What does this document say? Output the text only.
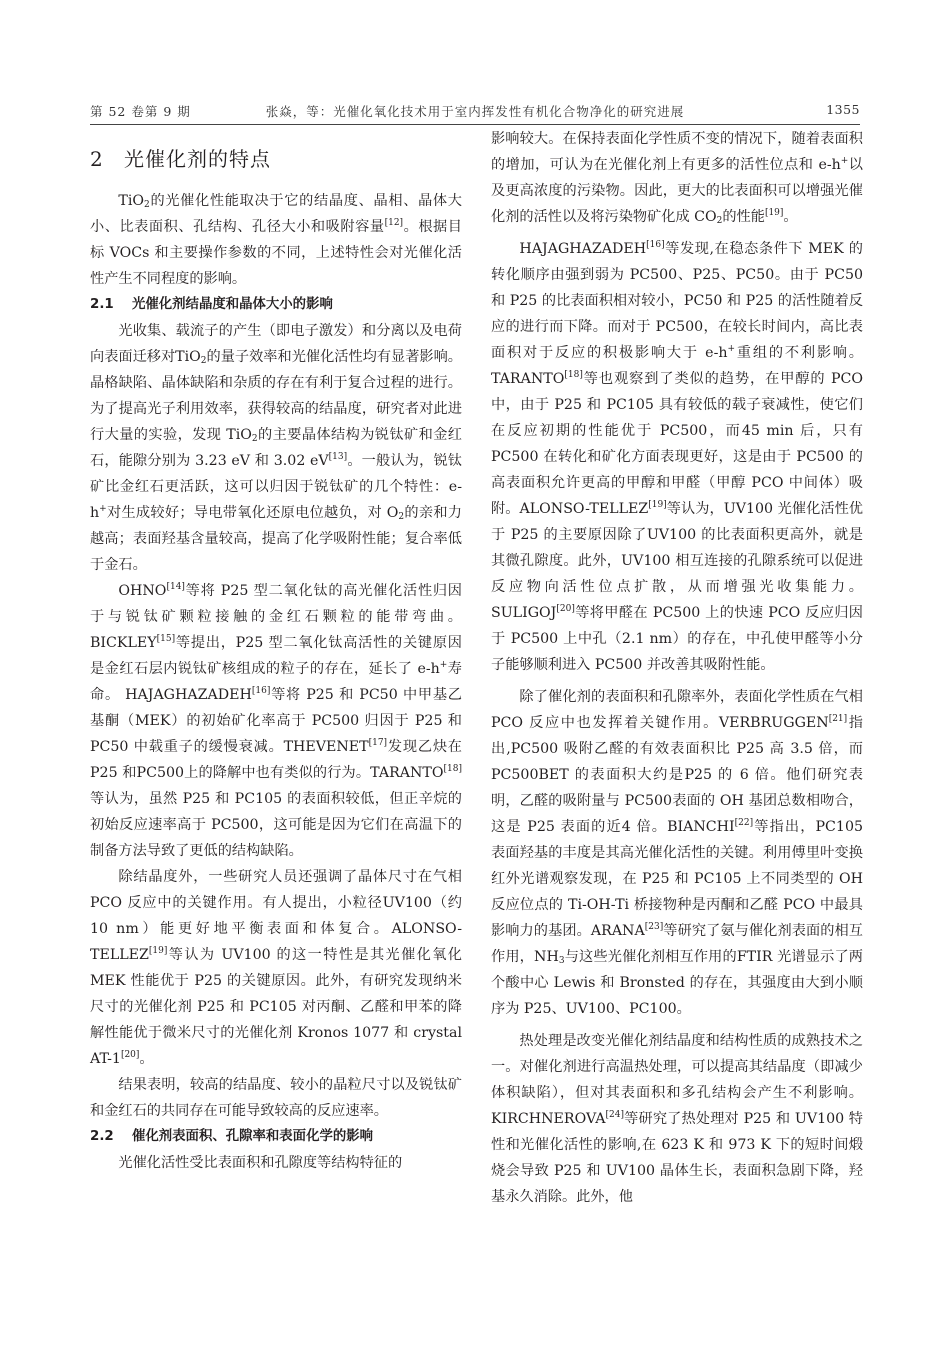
第 52 卷第 9 期	张焱，等：光催化氧化技术用于室内挥发性有机化合物净化的研究进展	1355
2 光催化剂的特点

TiO$_2$的光催化性能取决于它的结晶度、晶相、晶体大小、比表面积、孔结构、孔径大小和吸附容量[12]。根据目标 VOCs 和主要操作参数的不同，上述特性会对光催化活性产生不同程度的影响。

2.1 光催化剂结晶度和晶体大小的影响

光收集、载流子的产生（即电子激发）和分离以及电荷向表面迁移对TiO$_2$的量子效率和光催化活性均有显著影响。晶格缺陷、晶体缺陷和杂质的存在有利于复合过程的进行。为了提高光子利用效率，获得较高的结晶度，研究者对此进行大量的实验，发现 TiO$_2$的主要晶体结构为锐钛矿和金红石，能隙分别为 3.23 eV 和 3.02 eV[13]。一般认为，锐钛矿比金红石更活跃，这可以归因于锐钛矿的几个特性：e-h+对生成较好；导电带氧化还原电位越负，对 $O_2$的亲和力越高；表面羟基含量较高，提高了化学吸附性能；复合率低于金石。

OHNO[14]等将 P25 型二氧化钛的高光催化活性归因于与锐钛矿颗粒接触的金红石颗粒的能带弯曲。BICKLEY[15]等提出，P25 型二氧化钛高活性的关键原因是金红石层内锐钛矿核组成的粒子的存在，延长了 e-h+寿命。 HAJAGHAZADEH[16]等将 P25 和 PC50 中甲基乙基酮（MEK）的初始矿化率高于 PC500 归因于 P25 和 PC50 中载重子的缓慢衰减。THEVENET[17]发现乙炔在P25 和PC500上的降解中也有类似的行为。TARANTO[18]等认为，虽然 P25 和 PC105 的表面积较低，但正辛烷的初始反应速率高于 PC500，这可能是因为它们在高温下的制备方法导致了更低的结构缺陷。

除结晶度外，一些研究人员还强调了晶体尺寸在气相 PCO 反应中的关键作用。有人提出，小粒径UV100（约 10 nm）能更好地平衡表面和体复合。ALONSO-TELLEZ[19]等认为 UV100 的这一特性是其光催化氧化 MEK 性能优于 P25 的关键原因。此外，有研究发现纳米尺寸的光催化剂 P25 和 PC105 对丙酮、乙醛和甲苯的降解性能优于微米尺寸的光催化剂 Kronos 1077 和 crystal AT-1[20]。

结果表明，较高的结晶度、较小的晶粒尺寸以及锐钛矿和金红石的共同存在可能导致较高的反应速率。

2.2 催化剂表面积、孔隙率和表面化学的影响

光催化活性受比表面积和孔隙度等结构特征的

影响较大。在保持表面化学性质不变的情况下，随着表面积的增加，可认为在光催化剂上有更多的活性位点和 e-h+以及更高浓度的污染物。因此，更大的比表面积可以增强光催化剂的活性以及将污染物矿化成 $CO_2$的性能[19]。

HAJAGHAZADEH[16]等发现,在稳态条件下 MEK 的转化顺序由强到弱为 PC500、P25、PC50。由于 PC50 和 P25 的比表面积相对较小，PC50 和 P25 的活性随着反应的进行而下降。而对于 PC500，在较长时间内，高比表面积对于反应的积极影响大于 e-h+重组的不利影响。TARANTO[18]等也观察到了类似的趋势，在甲醇的 PCO 中，由于 P25 和 PC105 具有较低的载子衰减性，使它们在反应初期的性能优于 PC500，而45 min 后，只有 PC500 在转化和矿化方面表现更好，这是由于 PC500 的高表面积允许更高的甲醇和甲醛（甲醇 PCO 中间体）吸附。ALONSO-TELLEZ[19]等认为，UV100 光催化活性优于 P25 的主要原因除了UV100 的比表面积更高外，就是其微孔隙度。此外，UV100 相互连接的孔隙系统可以促进反应物向活性位点扩散，从而增强光收集能力。SULIGOJ[20]等将甲醛在 PC500 上的快速 PCO 反应归因于 PC500 上中孔（2.1 nm）的存在，中孔使甲醛等小分子能够顺利进入 PC500 并改善其吸附性能。

除了催化剂的表面积和孔隙率外，表面化学性质在气相 PCO 反应中也发挥着关键作用。VERBRUGGEN[21]指出,PC500 吸附乙醛的有效表面积比 P25 高 3.5 倍，而 PC500BET 的表面积大约是P25 的 6 倍。他们研究表明，乙醛的吸附量与 PC500表面的 OH 基团总数相吻合，这是 P25 表面的近4 倍。BIANCHI[22]等指出，PC105 表面羟基的丰度是其高光催化活性的关键。利用傅里叶变换红外光谱观察发现，在 P25 和 PC105 上不同类型的 OH 反应位点的 Ti-OH-Ti 桥接物种是丙酮和乙醛 PCO 中最具影响力的基团。ARANA[23]等研究了氨与催化剂表面的相互作用，$NH_3$与这些光催化剂相互作用的FTIR 光谱显示了两个酸中心 Lewis 和 Bronsted 的存在，其强度由大到小顺序为 P25、UV100、PC100。

热处理是改变光催化剂结晶度和结构性质的成熟技术之一。对催化剂进行高温热处理，可以提高其结晶度（即减少体积缺陷），但对其表面积和多孔结构会产生不利影响。KIRCHNEROVA[24]等研究了热处理对 P25 和 UV100 特性和光催化活性的影响,在 623 K 和 973 K 下的短时间煅烧会导致 P25 和 UV100 晶体生长，表面积急剧下降，羟基永久消除。此外，他
